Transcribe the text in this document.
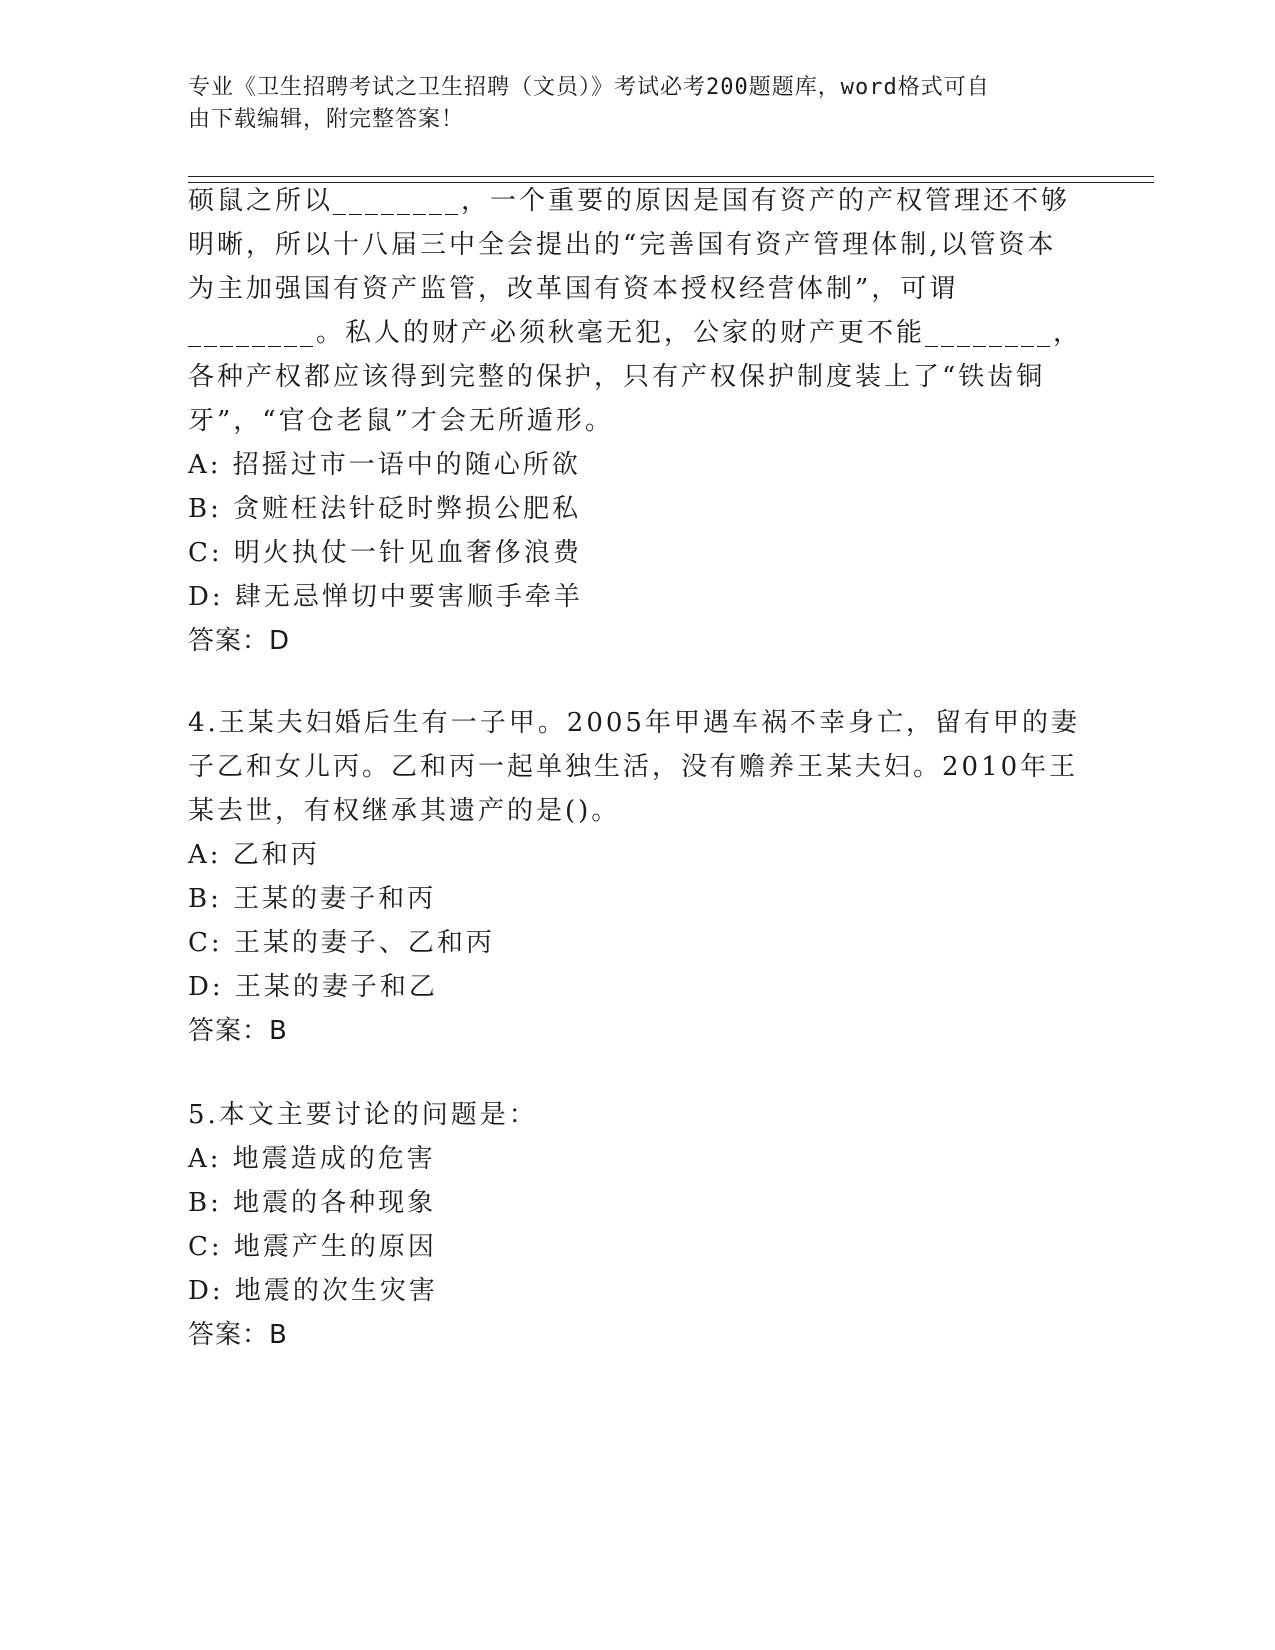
专业《卫生招聘考试之卫生招聘（文员）》考试必考200题题库，word格式可自
由下载编辑，附完整答案！
硕鼠之所以________，一个重要的原因是国有资产的产权管理还不够
明晰，所以十八届三中全会提出的“完善国有资产管理体制,以管资本
为主加强国有资产监管，改革国有资本授权经营体制”，可谓
________。私人的财产必须秋毫无犯，公家的财产更不能________，
各种产权都应该得到完整的保护，只有产权保护制度装上了“铁齿铜
牙”，“官仓老鼠”才会无所遁形。
A: 招摇过市一语中的随心所欲
B: 贪赃枉法针砭时弊损公肥私
C: 明火执仗一针见血奢侈浪费
D: 肆无忌惮切中要害顺手牵羊
答案：D
4.王某夫妇婚后生有一子甲。2005年甲遇车祸不幸身亡，留有甲的妻
子乙和女儿丙。乙和丙一起单独生活，没有赡养王某夫妇。2010年王
某去世，有权继承其遗产的是()。
A: 乙和丙
B: 王某的妻子和丙
C: 王某的妻子、乙和丙
D: 王某的妻子和乙
答案：B
5.本文主要讨论的问题是：
A: 地震造成的危害
B: 地震的各种现象
C: 地震产生的原因
D: 地震的次生灾害
答案：B
